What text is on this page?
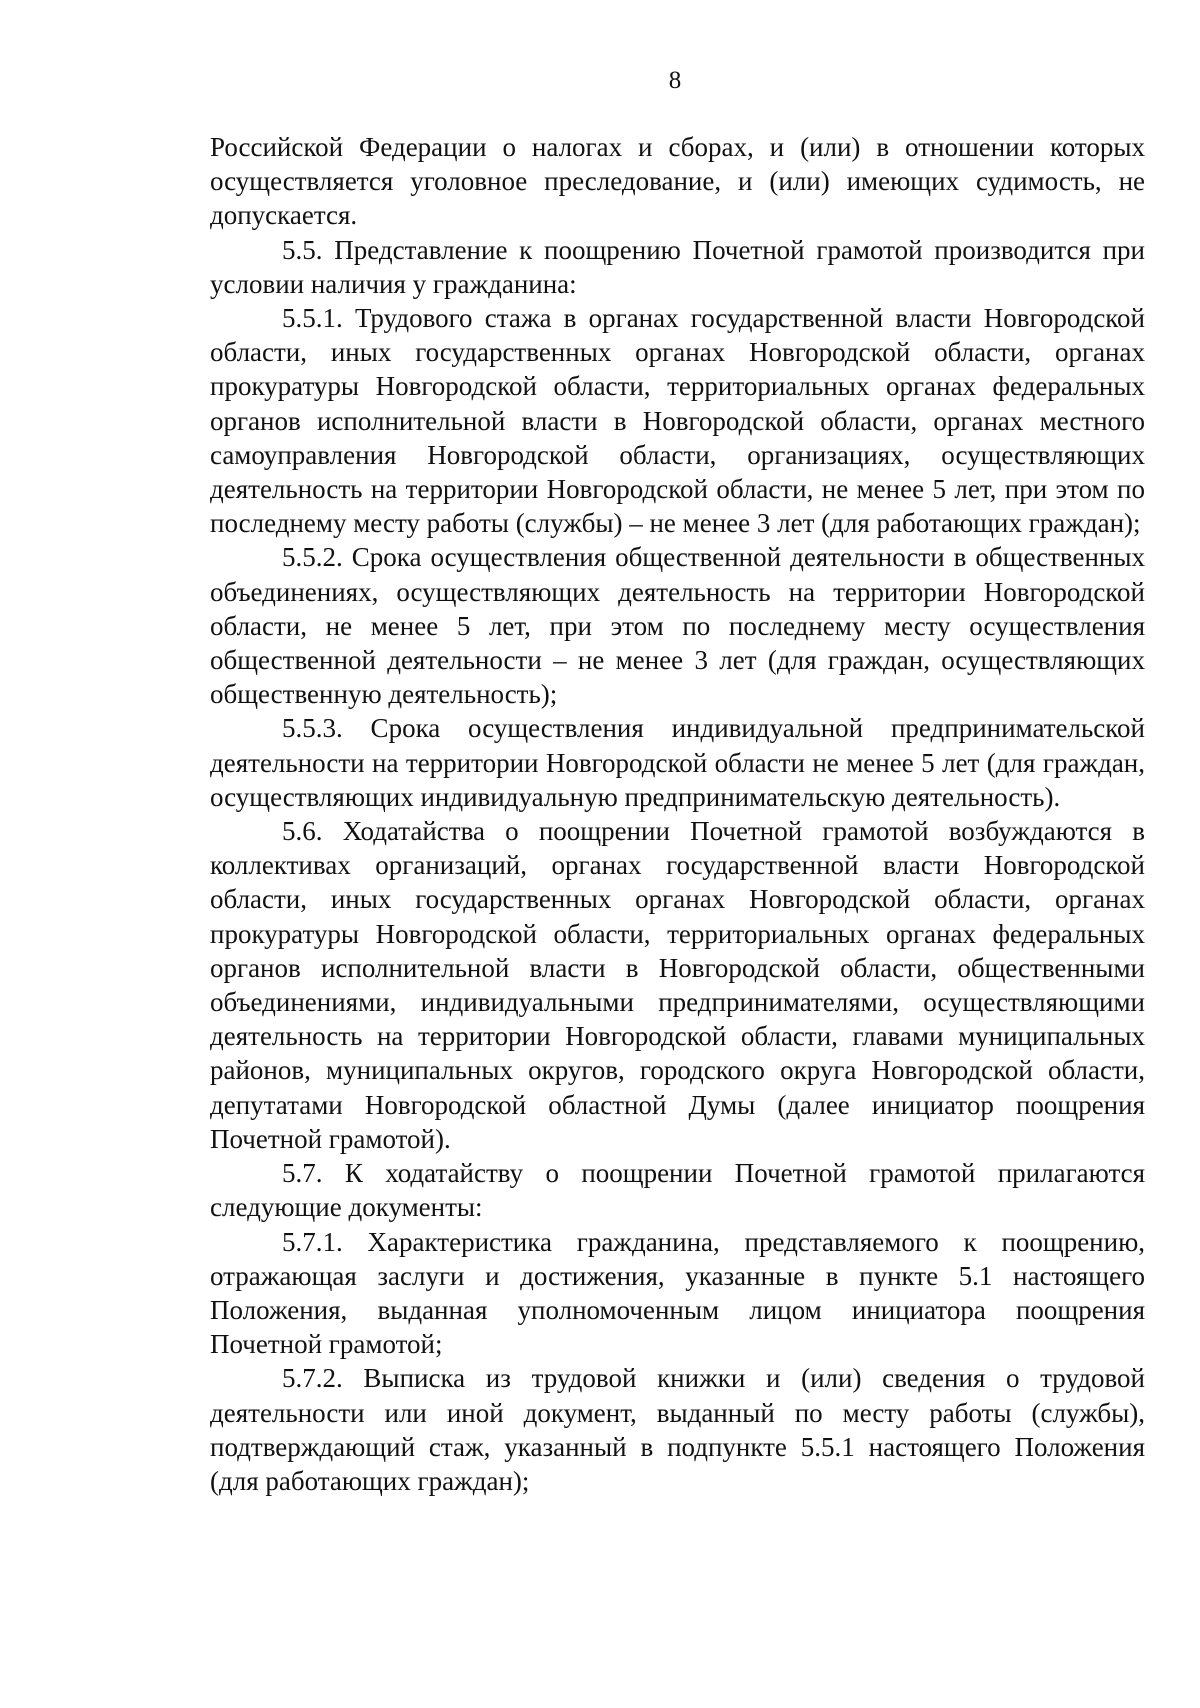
8

Российской Федерации о налогах и сборах, и (или) в отношении которых осуществляется уголовное преследование, и (или) имеющих судимость, не допускается.

5.5. Представление к поощрению Почетной грамотой производится при условии наличия у гражданина:

5.5.1. Трудового стажа в органах государственной власти Новгородской области, иных государственных органах Новгородской области, органах прокуратуры Новгородской области, территориальных органах федеральных органов исполнительной власти в Новгородской области, органах местного самоуправления Новгородской области, организациях, осуществляющих деятельность на территории Новгородской области, не менее 5 лет, при этом по последнему месту работы (службы) – не менее 3 лет (для работающих граждан);

5.5.2. Срока осуществления общественной деятельности в общественных объединениях, осуществляющих деятельность на территории Новгородской области, не менее 5 лет, при этом по последнему месту осуществления общественной деятельности – не менее 3 лет (для граждан, осуществляющих общественную деятельность);

5.5.3. Срока осуществления индивидуальной предпринимательской деятельности на территории Новгородской области не менее 5 лет (для граждан, осуществляющих индивидуальную предпринимательскую деятельность).

5.6. Ходатайства о поощрении Почетной грамотой возбуждаются в коллективах организаций, органах государственной власти Новгородской области, иных государственных органах Новгородской области, органах прокуратуры Новгородской области, территориальных органах федеральных органов исполнительной власти в Новгородской области, общественными объединениями, индивидуальными предпринимателями, осуществляющими деятельность на территории Новгородской области, главами муниципальных районов, муниципальных округов, городского округа Новгородской области, депутатами Новгородской областной Думы (далее инициатор поощрения Почетной грамотой).

5.7. К ходатайству о поощрении Почетной грамотой прилагаются следующие документы:

5.7.1. Характеристика гражданина, представляемого к поощрению, отражающая заслуги и достижения, указанные в пункте 5.1 настоящего Положения, выданная уполномоченным лицом инициатора поощрения Почетной грамотой;

5.7.2. Выписка из трудовой книжки и (или) сведения о трудовой деятельности или иной документ, выданный по месту работы (службы), подтверждающий стаж, указанный в подпункте 5.5.1 настоящего Положения (для работающих граждан);
